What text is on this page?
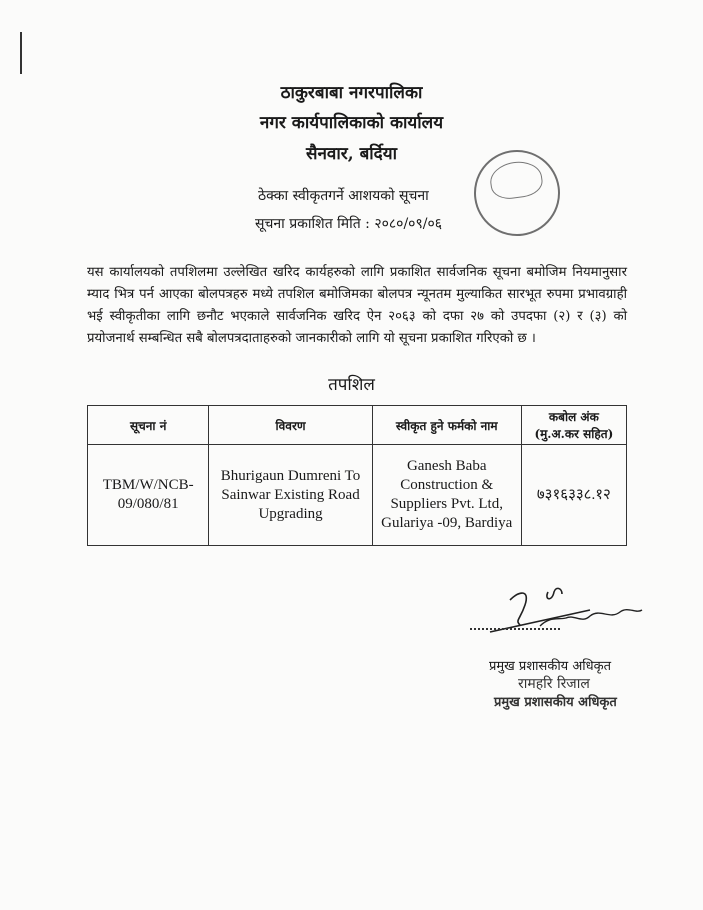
ठाकुरबाबा नगरपालिका
नगर कार्यपालिकाको कार्यालय
सैनवार, बर्दिया
ठेक्का स्वीकृतगर्ने आशयको सूचना
सूचना प्रकाशित मिति : २०८०/०९/०६
यस कार्यालयको तपशिलमा उल्लेखित खरिद कार्यहरुको लागि प्रकाशित सार्वजनिक सूचना बमोजिम नियमानुसार म्याद भित्र पर्न आएका बोलपत्रहरु मध्ये तपशिल बमोजिमका बोलपत्र न्यूनतम मुल्याकित सारभूत रुपमा प्रभावग्राही भई स्वीकृतीका लागि छनौट भएकाले सार्वजनिक खरिद ऐन २०६३ को दफा २७ को उपदफा (२) र (३) को प्रयोजनार्थ सम्बन्धित सबै बोलपत्रदाताहरुको जानकारीको लागि यो सूचना प्रकाशित गरिएको छ ।
तपशिल
सूचना नं	विवरण	स्वीकृत हुने फर्मको नाम	कबोल अंक (मु.अ.कर सहित)
TBM/W/NCB-09/080/81	Bhurigaun Dumreni To Sainwar Existing Road Upgrading	Ganesh Baba Construction & Suppliers Pvt. Ltd, Gulariya -09, Bardiya	७३१६३३८.१२
प्रमुख प्रशासकीय अधिकृत
रामहरि रिजाल
प्रमुख प्रशासकीय अधिकृत
